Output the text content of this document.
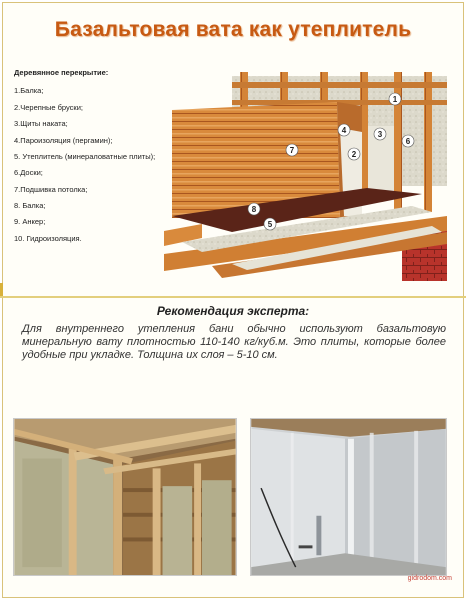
Базальтовая вата как утеплитель
Деревянное перекрытие:
1.Балка;
2.Черепные бруски;
3.Щиты наката;
4.Пароизоляция (пергамин);
5. Утеплитель (минераловатные плиты);
6.Доски;
7.Подшивка потолка;
8. Балка;
9. Анкер;
10. Гидроизоляция.
1
2
3
4
5
6
7
8
Рекомендация эксперта:
Для внутреннего утепления бани обычно используют базальтовую минеральную вату плотностью 110-140 кг/куб.м. Это плиты, которые более удобные при укладке. Толщина их слоя – 5-10 см.
gidrodom.com
